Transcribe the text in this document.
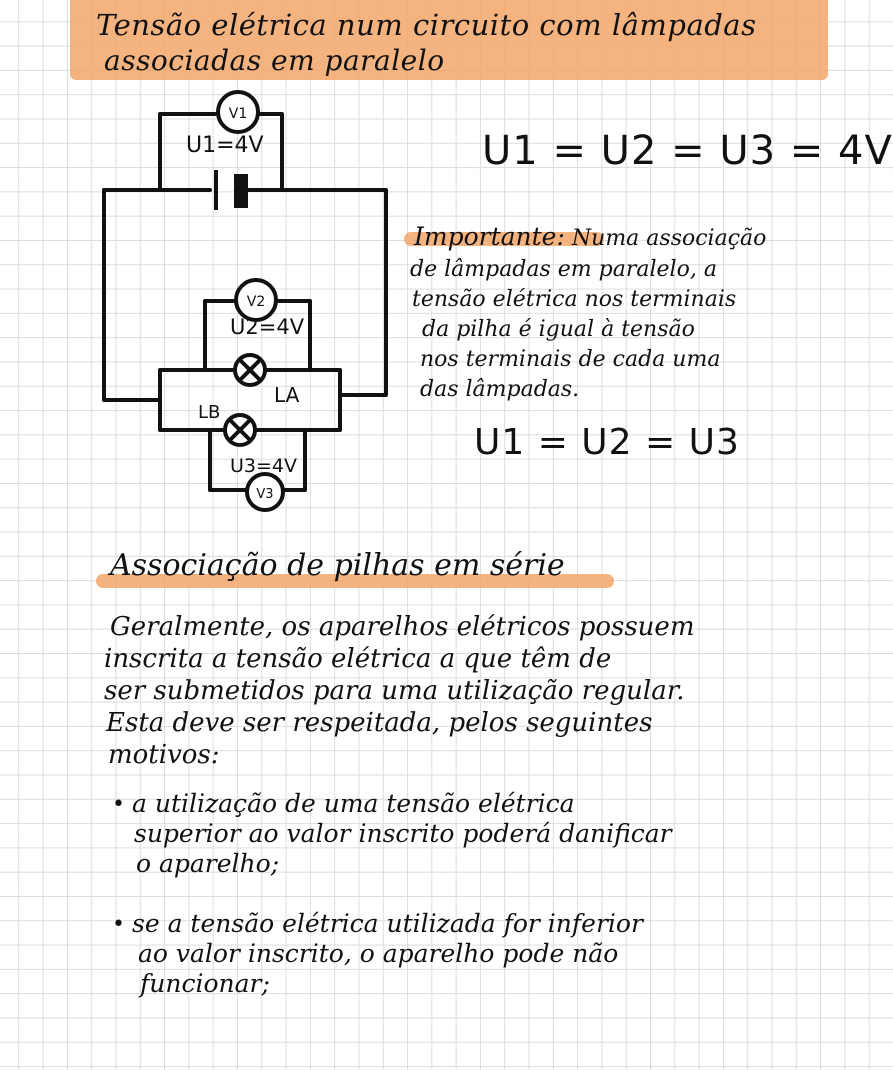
Tensão elétrica num circuito com lâmpadas
associadas em paralelo
V1
V2
V3
U1=4V
U2=4V
U3=4V
LA
LB
U1 = U2 = U3 = 4V
Importante: Numa associação
de lâmpadas em paralelo, a
tensão elétrica nos terminais
da pilha é igual à tensão
nos terminais de cada uma
das lâmpadas.
U1 = U2 = U3
Associação de pilhas em série
Geralmente, os aparelhos elétricos possuem
inscrita a tensão elétrica a que têm de
ser submetidos para uma utilização regular.
Esta deve ser respeitada, pelos seguintes
motivos:
• a utilização de uma tensão elétrica
superior ao valor inscrito poderá danificar
o aparelho;
• se a tensão elétrica utilizada for inferior
ao valor inscrito, o aparelho pode não
funcionar;
